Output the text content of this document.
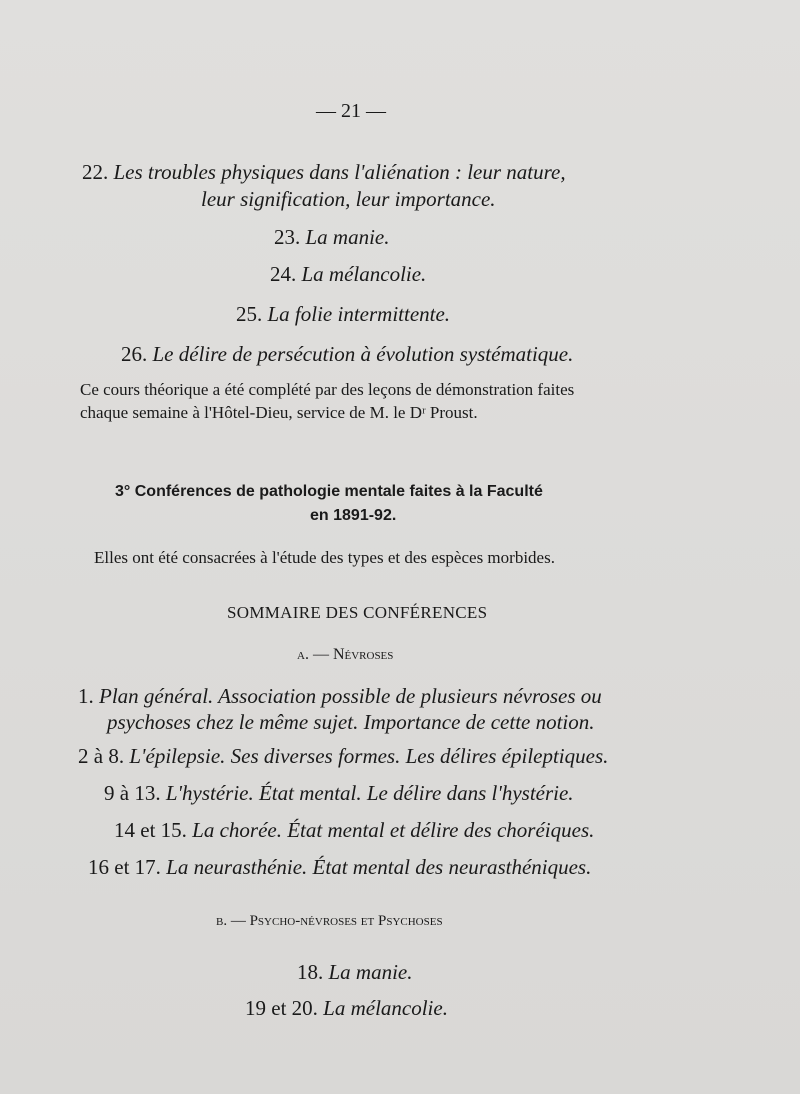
— 21 —
22. Les troubles physiques dans l'aliénation : leur nature,
leur signification, leur importance.
23. La manie.
24. La mélancolie.
25. La folie intermittente.
26. Le délire de persécution à évolution systématique.
Ce cours théorique a été complété par des leçons de démonstration faites
chaque semaine à l'Hôtel-Dieu, service de M. le Dʳ Proust.
3° Conférences de pathologie mentale faites à la Faculté
en 1891-92.
Elles ont été consacrées à l'étude des types et des espèces morbides.
SOMMAIRE DES CONFÉRENCES
a. — Névroses
1. Plan général. Association possible de plusieurs névroses ou
psychoses chez le même sujet. Importance de cette notion.
2 à 8. L'épilepsie. Ses diverses formes. Les délires épileptiques.
9 à 13. L'hystérie. État mental. Le délire dans l'hystérie.
14 et 15. La chorée. État mental et délire des choréiques.
16 et 17. La neurasthénie. État mental des neurasthéniques.
b. — Psycho-névroses et Psychoses
18. La manie.
19 et 20. La mélancolie.
